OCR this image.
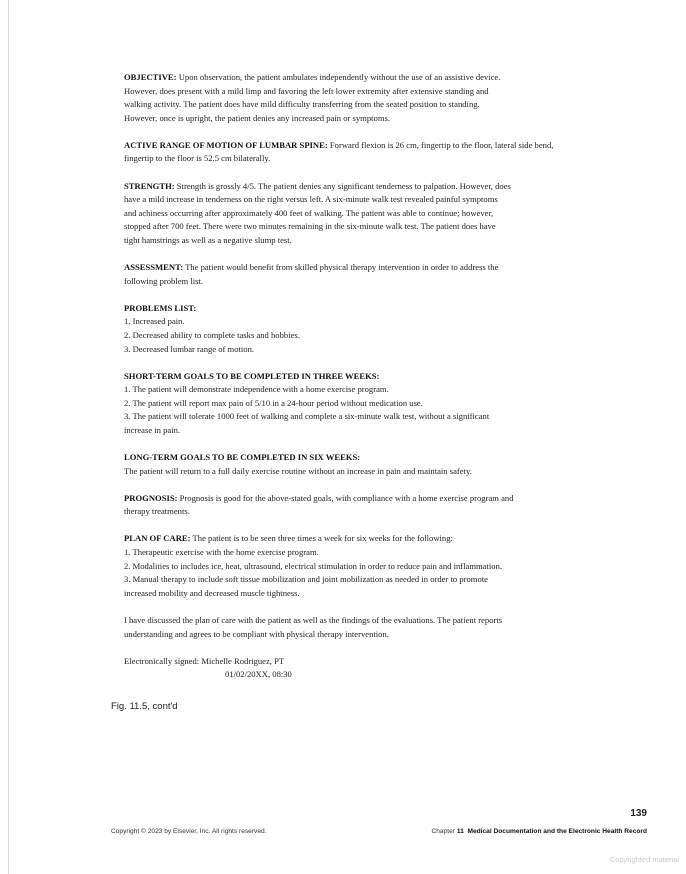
OBJECTIVE: Upon observation, the patient ambulates independently without the use of an assistive device.
However, does present with a mild limp and favoring the left lower extremity after extensive standing and
walking activity. The patient does have mild difficulty transferring from the seated position to standing.
However, once is upright, the patient denies any increased pain or symptoms.
ACTIVE RANGE OF MOTION OF LUMBAR SPINE: Forward flexion is 26 cm, fingertip to the floor, lateral side bend,
fingertip to the floor is 52.5 cm bilaterally.
STRENGTH: Strength is grossly 4/5. The patient denies any significant tenderness to palpation. However, does
have a mild increase in tenderness on the right versus left. A six-minute walk test revealed painful symptoms
and achiness occurring after approximately 400 feet of walking. The patient was able to continue; however,
stopped after 700 feet. There were two minutes remaining in the six-minute walk test. The patient does have
tight hamstrings as well as a negative slump test.
ASSESSMENT: The patient would benefit from skilled physical therapy intervention in order to address the
following problem list.
PROBLEMS LIST:
1. Increased pain.
2. Decreased ability to complete tasks and hobbies.
3. Decreased lumbar range of motion.
SHORT-TERM GOALS TO BE COMPLETED IN THREE WEEKS:
1. The patient will demonstrate independence with a home exercise program.
2. The patient will report max pain of 5/10 in a 24-hour period without medication use.
3. The patient will tolerate 1000 feet of walking and complete a six-minute walk test, without a significant
increase in pain.
LONG-TERM GOALS TO BE COMPLETED IN SIX WEEKS:
The patient will return to a full daily exercise routine without an increase in pain and maintain safety.
PROGNOSIS: Prognosis is good for the above-stated goals, with compliance with a home exercise program and
therapy treatments.
PLAN OF CARE: The patient is to be seen three times a week for six weeks for the following:
1. Therapeutic exercise with the home exercise program.
2. Modalities to includes ice, heat, ultrasound, electrical stimulation in order to reduce pain and inflammation.
3. Manual therapy to include soft tissue mobilization and joint mobilization as needed in order to promote
increased mobility and decreased muscle tightness.
I have discussed the plan of care with the patient as well as the findings of the evaluations. The patient reports
understanding and agrees to be compliant with physical therapy intervention.
Electronically signed: Michelle Rodriguez, PT
01/02/20XX, 08:30
Fig. 11.5, cont'd
139
Copyright © 2023 by Elsevier, Inc. All rights reserved.	Chapter 11 Medical Documentation and the Electronic Health Record
Copyrighted material
